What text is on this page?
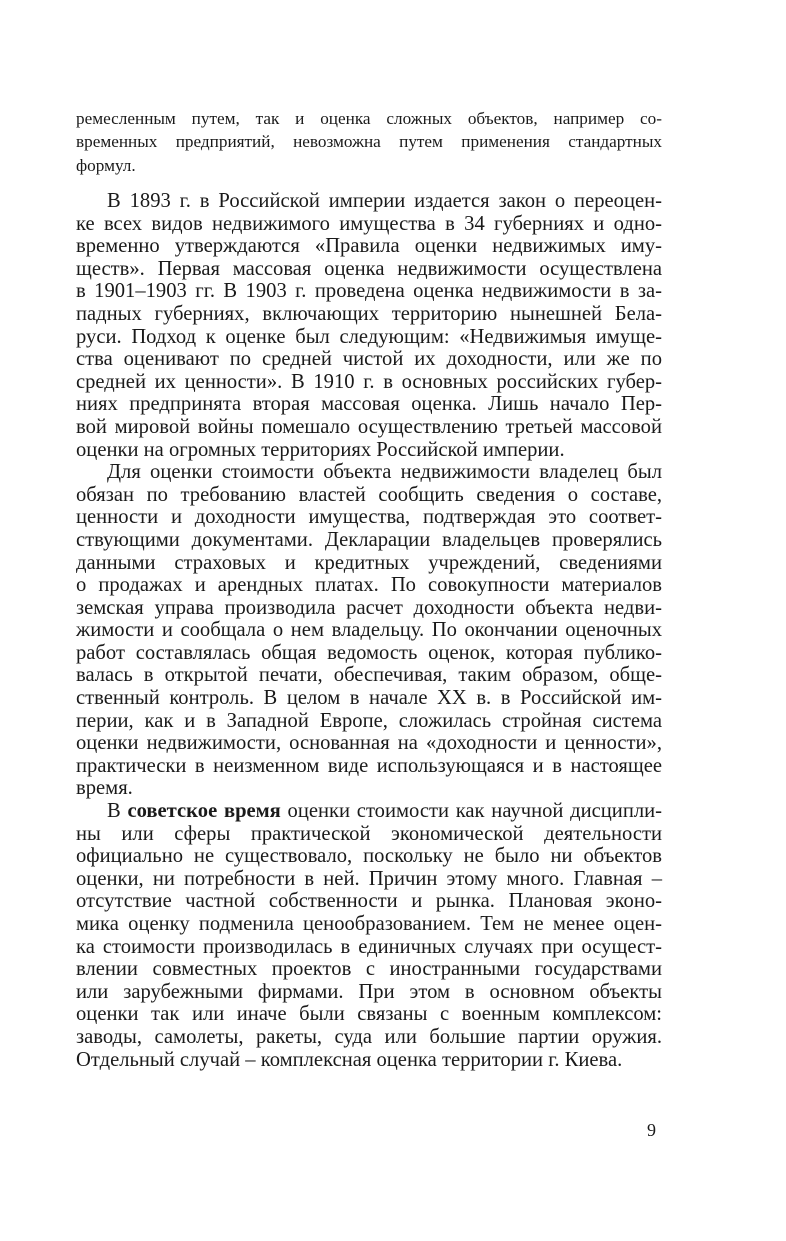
ремесленным путем, так и оценка сложных объектов, например со-
временных предприятий, невозможна путем применения стандартных
формул.
В 1893 г. в Российской империи издается закон о переоцен-
ке всех видов недвижимого имущества в 34 губерниях и одно-
временно утверждаются «Правила оценки недвижимых иму-
ществ». Первая массовая оценка недвижимости осуществлена
в 1901–1903 гг. В 1903 г. проведена оценка недвижимости в за-
падных губерниях, включающих территорию нынешней Бела-
руси. Подход к оценке был следующим: «Недвижимыя имуще-
ства оценивают по средней чистой их доходности, или же по
средней их ценности». В 1910 г. в основных российских губер-
ниях предпринята вторая массовая оценка. Лишь начало Пер-
вой мировой войны помешало осуществлению третьей массовой
оценки на огромных территориях Российской империи.
Для оценки стоимости объекта недвижимости владелец был
обязан по требованию властей сообщить сведения о составе,
ценности и доходности имущества, подтверждая это соответ-
ствующими документами. Декларации владельцев проверялись
данными страховых и кредитных учреждений, сведениями
о продажах и арендных платах. По совокупности материалов
земская управа производила расчет доходности объекта недви-
жимости и сообщала о нем владельцу. По окончании оценочных
работ составлялась общая ведомость оценок, которая публико-
валась в открытой печати, обеспечивая, таким образом, обще-
ственный контроль. В целом в начале XX в. в Российской им-
перии, как и в Западной Европе, сложилась стройная система
оценки недвижимости, основанная на «доходности и ценности»,
практически в неизменном виде использующаяся и в настоящее
время.
В советское время оценки стоимости как научной дисципли-
ны или сферы практической экономической деятельности
официально не существовало, поскольку не было ни объектов
оценки, ни потребности в ней. Причин этому много. Главная –
отсутствие частной собственности и рынка. Плановая эконо-
мика оценку подменила ценообразованием. Тем не менее оцен-
ка стоимости производилась в единичных случаях при осущест-
влении совместных проектов с иностранными государствами
или зарубежными фирмами. При этом в основном объекты
оценки так или иначе были связаны с военным комплексом:
заводы, самолеты, ракеты, суда или большие партии оружия.
Отдельный случай – комплексная оценка территории г. Киева.
9
